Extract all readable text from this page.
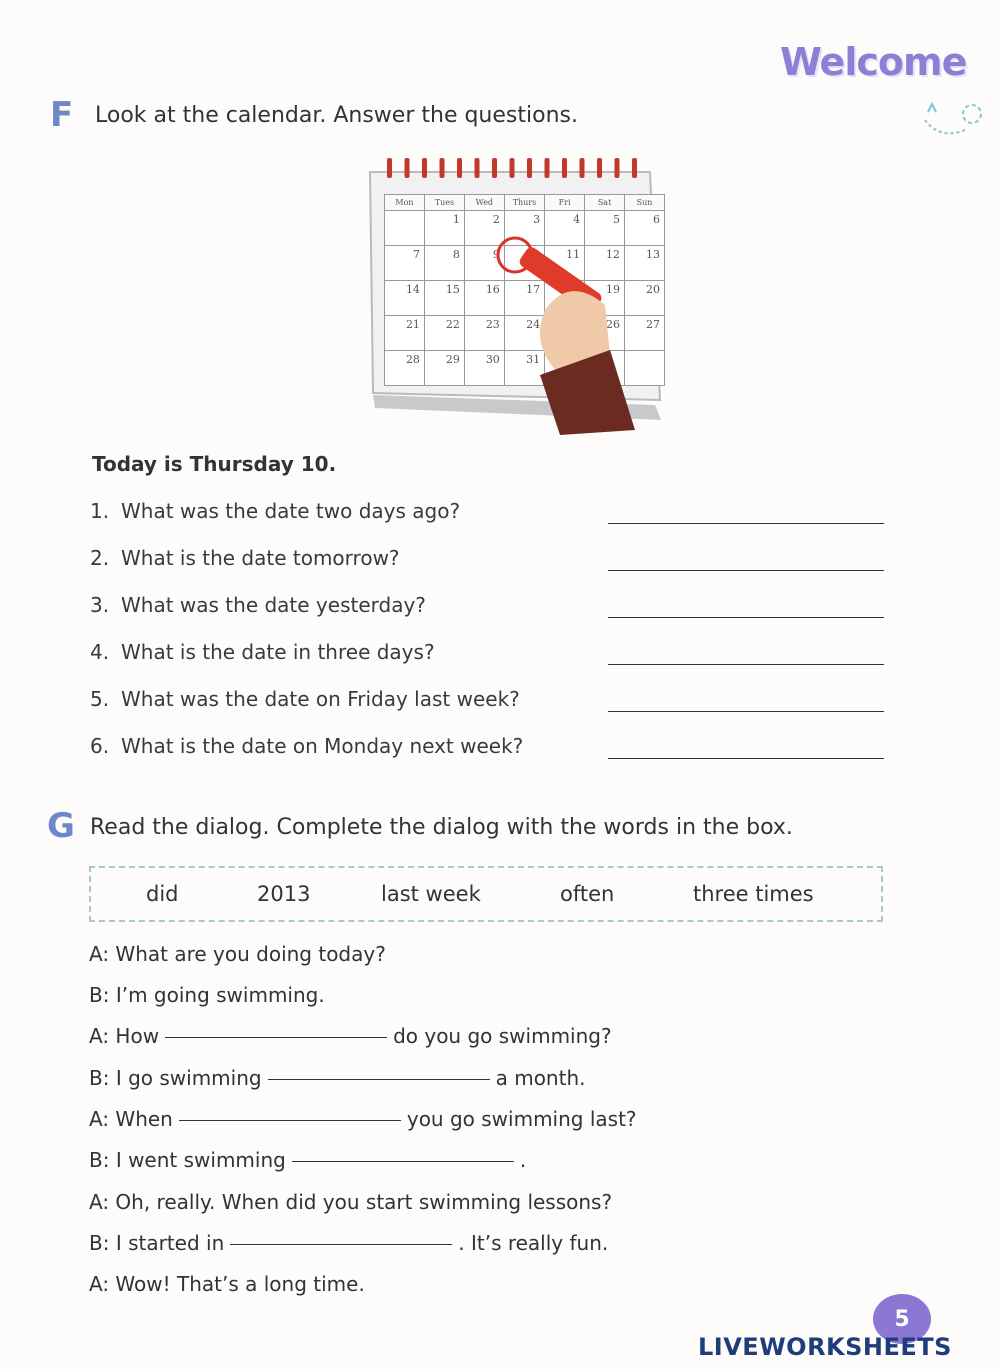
Welcome
F Look at the calendar. Answer the questions.
Mon	Tues	Wed	Thurs	Fri	Sat	Sun
	1	2	3	4	5	6
7	8	9		11	12	13
14	15	16	17		19	20
21	22	23	24		26	27
28	29	30	31			
Today is Thursday 10.
1. What was the date two days ago?
2. What is the date tomorrow?
3. What was the date yesterday?
4. What is the date in three days?
5. What was the date on Friday last week?
6. What is the date on Monday next week?
G Read the dialog. Complete the dialog with the words in the box.
did	2013	last week	often	three times
A: What are you doing today?
B: I’m going swimming.
A: How	do you go swimming?
B: I go swimming	a month.
A: When	you go swimming last?
B: I went swimming	.
A: Oh, really. When did you start swimming lessons?
B: I started in	. It’s really fun.
A: Wow! That’s a long time.
5
LIVEWORKSHEETS
